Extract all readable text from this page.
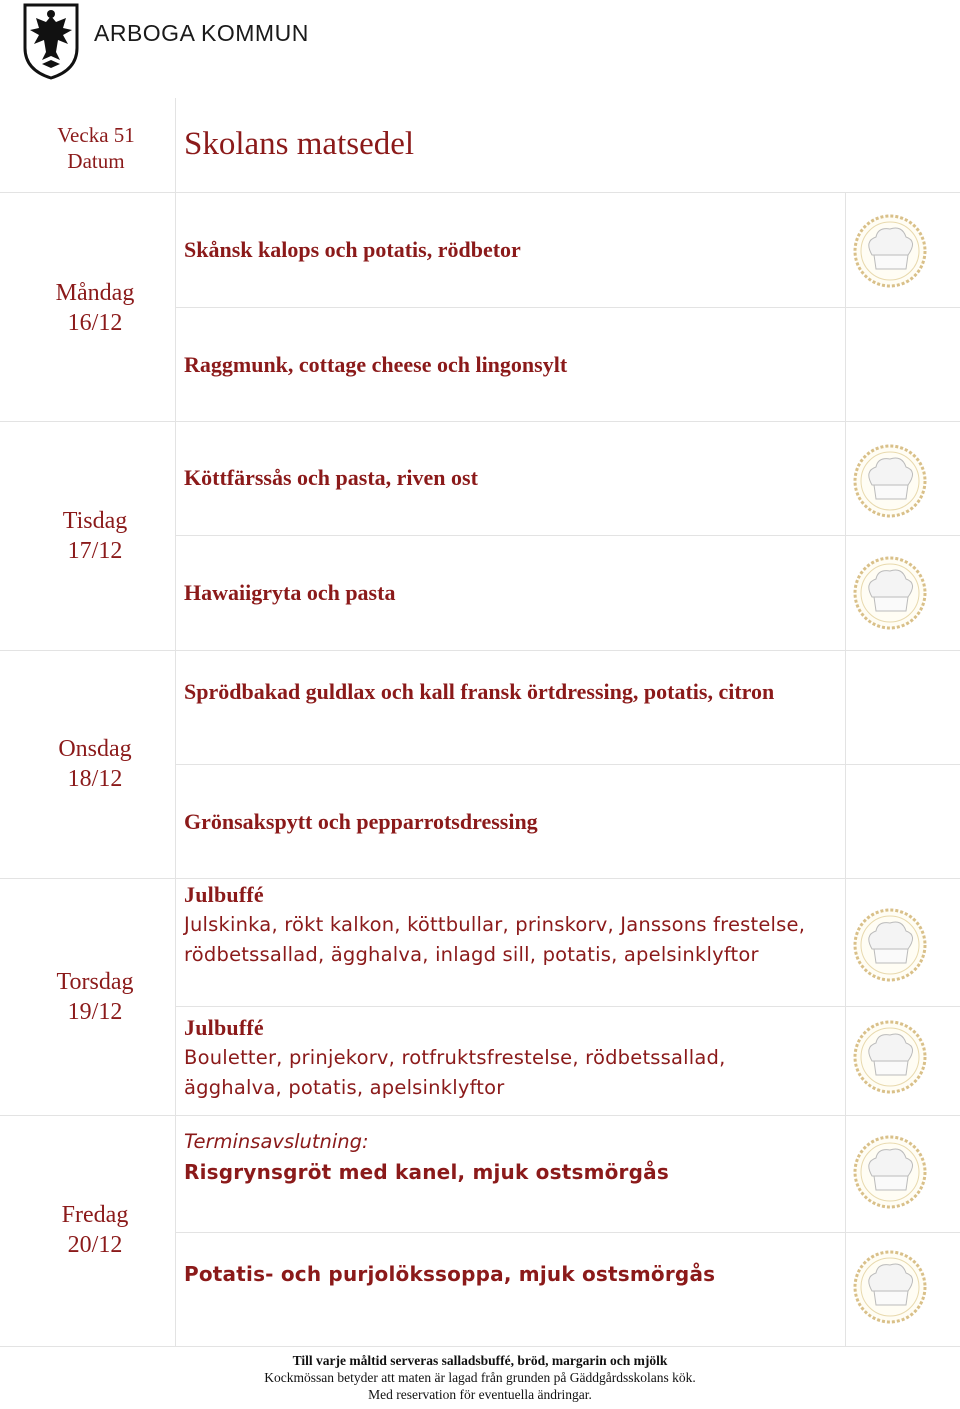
ARBOGA KOMMUN
Vecka 51
Datum	Skolans matsedel
Måndag
16/12
Skånsk kalops och potatis, rödbetor
Raggmunk, cottage cheese och lingonsylt
Tisdag
17/12
Köttfärssås och pasta, riven ost
Hawaiigryta och pasta
Onsdag
18/12
Sprödbakad guldlax och kall fransk örtdressing, potatis, citron
Grönsakspytt och pepparrotsdressing
Torsdag
19/12
Julbuffé
Julskinka, rökt kalkon, köttbullar, prinskorv, Janssons frestelse, rödbetssallad, ägghalva, inlagd sill, potatis, apelsinklyftor
Julbuffé
Bouletter, prinjekorv, rotfruktsfrestelse, rödbetssallad, ägghalva, potatis, apelsinklyftor
Fredag
20/12
Terminsavslutning:
Risgrynsgröt med kanel, mjuk ostsmörgås
Potatis- och purjolökssoppa, mjuk ostsmörgås
Till varje måltid serveras salladsbuffé, bröd, margarin och mjölk
Kockmössan betyder att maten är lagad från grunden på Gäddgårdsskolans kök.
Med reservation för eventuella ändringar.
